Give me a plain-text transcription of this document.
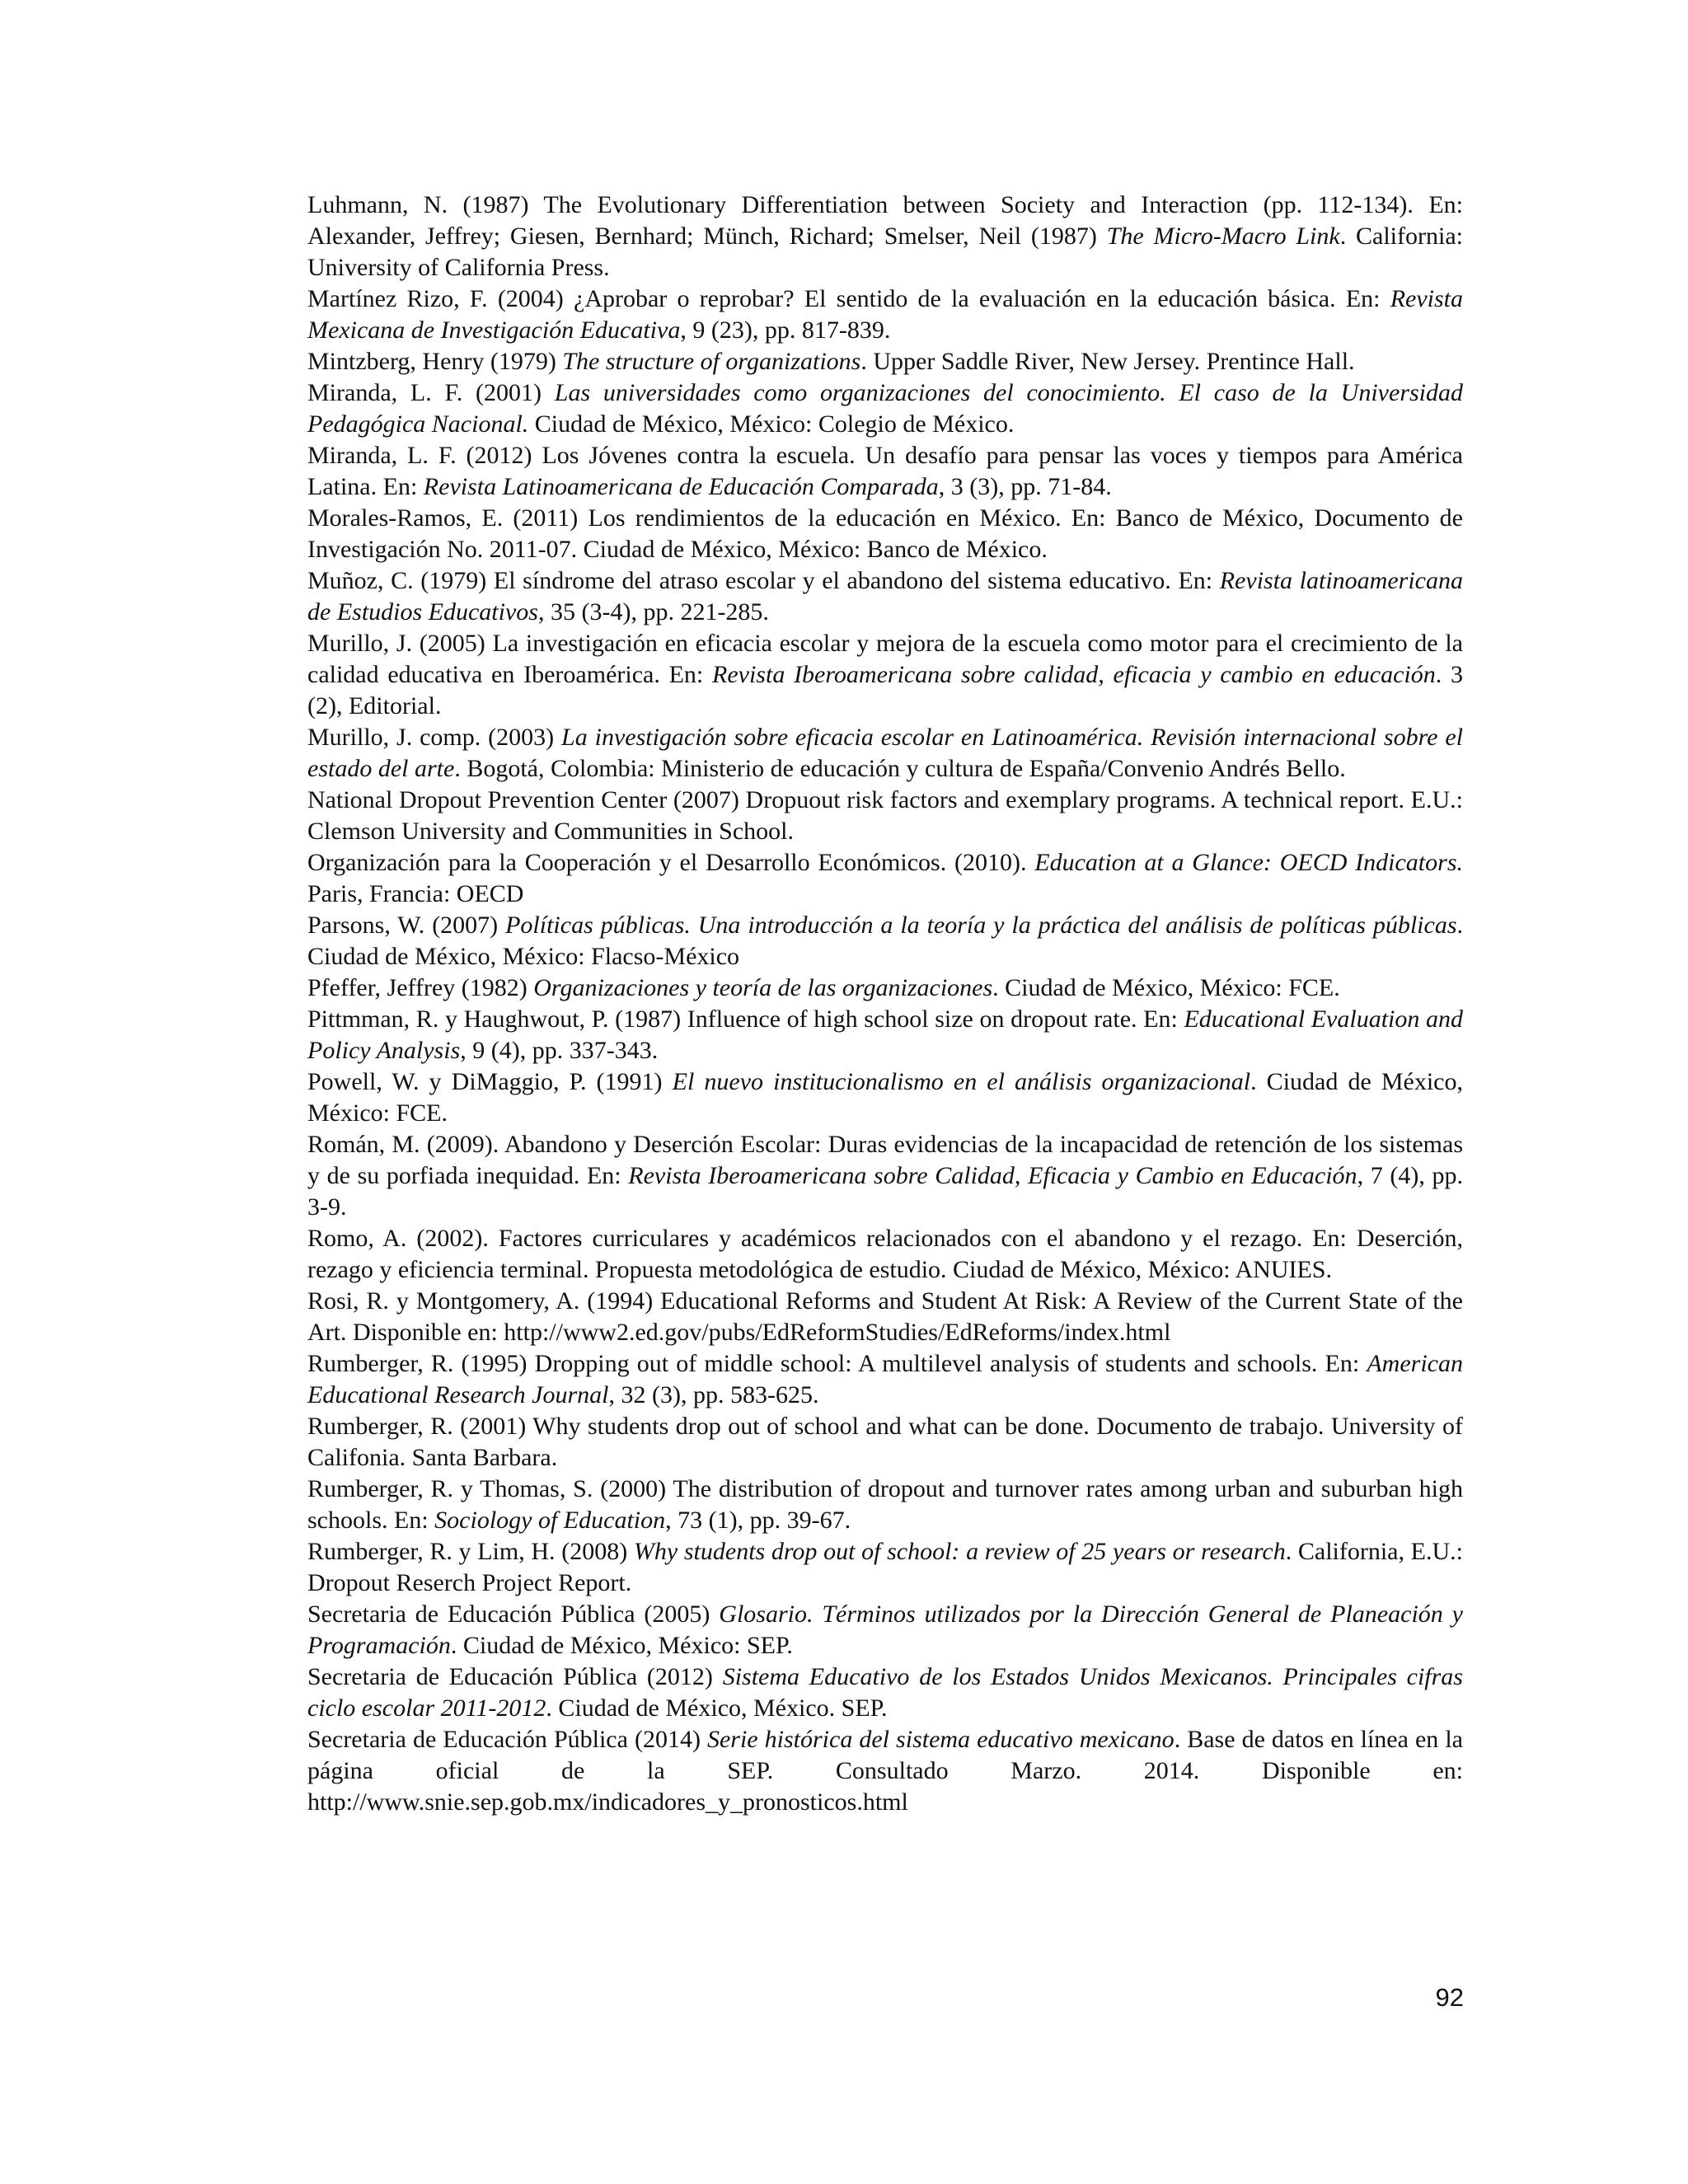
Luhmann, N. (1987) The Evolutionary Differentiation between Society and Interaction (pp. 112-134). En: Alexander, Jeffrey; Giesen, Bernhard; Münch, Richard; Smelser, Neil (1987) The Micro-Macro Link. California: University of California Press.

Martínez Rizo, F. (2004) ¿Aprobar o reprobar? El sentido de la evaluación en la educación básica. En: Revista Mexicana de Investigación Educativa, 9 (23), pp. 817-839.

Mintzberg, Henry (1979) The structure of organizations. Upper Saddle River, New Jersey. Prentince Hall.

Miranda, L. F. (2001) Las universidades como organizaciones del conocimiento. El caso de la Universidad Pedagógica Nacional. Ciudad de México, México: Colegio de México.

Miranda, L. F. (2012) Los Jóvenes contra la escuela. Un desafío para pensar las voces y tiempos para América Latina. En: Revista Latinoamericana de Educación Comparada, 3 (3), pp. 71-84.

Morales-Ramos, E. (2011) Los rendimientos de la educación en México. En: Banco de México, Documento de Investigación No. 2011-07. Ciudad de México, México: Banco de México.

Muñoz, C. (1979) El síndrome del atraso escolar y el abandono del sistema educativo. En: Revista latinoamericana de Estudios Educativos, 35 (3-4), pp. 221-285.

Murillo, J. (2005) La investigación en eficacia escolar y mejora de la escuela como motor para el crecimiento de la calidad educativa en Iberoamérica. En: Revista Iberoamericana sobre calidad, eficacia y cambio en educación. 3 (2), Editorial.

Murillo, J. comp. (2003) La investigación sobre eficacia escolar en Latinoamérica. Revisión internacional sobre el estado del arte. Bogotá, Colombia: Ministerio de educación y cultura de España/Convenio Andrés Bello.

National Dropout Prevention Center (2007) Dropuout risk factors and exemplary programs. A technical report. E.U.: Clemson University and Communities in School.

Organización para la Cooperación y el Desarrollo Económicos. (2010). Education at a Glance: OECD Indicators. Paris, Francia: OECD

Parsons, W. (2007) Políticas públicas. Una introducción a la teoría y la práctica del análisis de políticas públicas. Ciudad de México, México: Flacso-México

Pfeffer, Jeffrey (1982) Organizaciones y teoría de las organizaciones. Ciudad de México, México: FCE.

Pittmman, R. y Haughwout, P. (1987) Influence of high school size on dropout rate. En: Educational Evaluation and Policy Analysis, 9 (4), pp. 337-343.

Powell, W. y DiMaggio, P. (1991) El nuevo institucionalismo en el análisis organizacional. Ciudad de México, México: FCE.

Román, M. (2009). Abandono y Deserción Escolar: Duras evidencias de la incapacidad de retención de los sistemas y de su porfiada inequidad. En: Revista Iberoamericana sobre Calidad, Eficacia y Cambio en Educación, 7 (4), pp. 3-9.

Romo, A. (2002). Factores curriculares y académicos relacionados con el abandono y el rezago. En: Deserción, rezago y eficiencia terminal. Propuesta metodológica de estudio. Ciudad de México, México: ANUIES.

Rosi, R. y Montgomery, A. (1994) Educational Reforms and Student At Risk: A Review of the Current State of the Art. Disponible en: http://www2.ed.gov/pubs/EdReformStudies/EdReforms/index.html

Rumberger, R. (1995) Dropping out of middle school: A multilevel analysis of students and schools. En: American Educational Research Journal, 32 (3), pp. 583-625.

Rumberger, R. (2001) Why students drop out of school and what can be done. Documento de trabajo. University of Califonia. Santa Barbara.

Rumberger, R. y Thomas, S. (2000) The distribution of dropout and turnover rates among urban and suburban high schools. En: Sociology of Education, 73 (1), pp. 39-67.

Rumberger, R. y Lim, H. (2008) Why students drop out of school: a review of 25 years or research. California, E.U.: Dropout Reserch Project Report.

Secretaria de Educación Pública (2005) Glosario. Términos utilizados por la Dirección General de Planeación y Programación. Ciudad de México, México: SEP.

Secretaria de Educación Pública (2012) Sistema Educativo de los Estados Unidos Mexicanos. Principales cifras ciclo escolar 2011-2012. Ciudad de México, México. SEP.

Secretaria de Educación Pública (2014) Serie histórica del sistema educativo mexicano. Base de datos en línea en la página oficial de la SEP. Consultado Marzo. 2014. Disponible en: http://www.snie.sep.gob.mx/indicadores_y_pronosticos.html

92
